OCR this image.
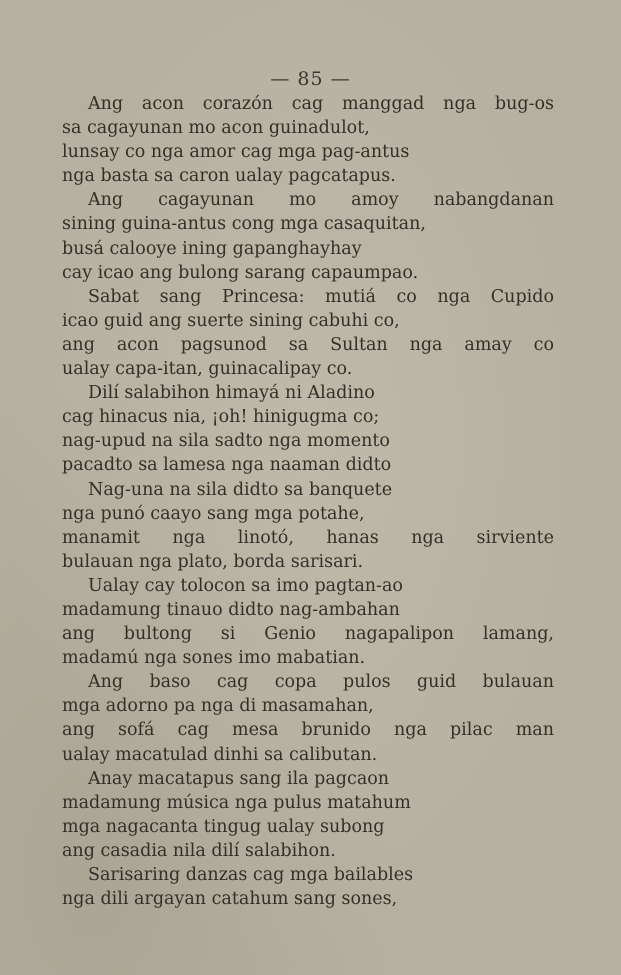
— 85 —
Ang acon corazón cag manggad nga bug-os
sa cagayunan mo acon guinadulot,
lunsay co nga amor cag mga pag-antus
nga basta sa caron ualay pagcatapus.
Ang cagayunan mo amoy nabangdanan
sining guina-antus cong mga casaquitan,
busá calooye ining gapanghayhay
cay icao ang bulong sarang capaumpao.
Sabat sang Princesa: mutiá co nga Cupido
icao guid ang suerte sining cabuhi co,
ang acon pagsunod sa Sultan nga amay co
ualay capa-itan, guinacalipay co.
Dilí salabihon himayá ni Aladino
cag hinacus nia, ¡oh! hinigugma co;
nag-upud na sila sadto nga momento
pacadto sa lamesa nga naaman didto
Nag-una na sila didto sa banquete
nga punó caayo sang mga potahe,
manamit nga linotó, hanas nga sirviente
bulauan nga plato, borda sarisari.
Ualay cay tolocon sa imo pagtan-ao
madamung tinauo didto nag-ambahan
ang bultong si Genio nagapalipon lamang,
madamú nga sones imo mabatian.
Ang baso cag copa pulos guid bulauan
mga adorno pa nga di masamahan,
ang sofá cag mesa brunido nga pilac man
ualay macatulad dinhi sa calibutan.
Anay macatapus sang ila pagcaon
madamung música nga pulus matahum
mga nagacanta tingug ualay subong
ang casadia nila dilí salabihon.
Sarisaring danzas cag mga bailables
nga dili argayan catahum sang sones,
